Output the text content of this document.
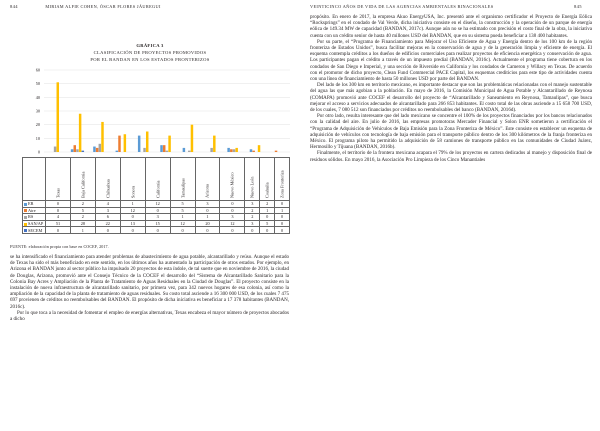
844	MIRIAM ALFIE COHEN, ÓSCAR FLORES JÁUREGUI
GRÁFICA 3
CLASIFICACIÓN DE PROYECTOS PROMOVIDOS
POR EL BANDAN EN LOS ESTADOS FRONTERIZOS
0
10
20
30
40
50
60

	Texas	Baja California	Chihuahua	Sonora	California	Tamaulipas	Arizona	Nuevo México	Nuevo León	Coahuila	Zona Fronteriza

ER	0	2	4	1	12	5	3	0	3	2	0
Aire	0	5	3	12	0	5	0	0	2	1	1
RS	4	2	6	0	3	1	1	3	2	0	0
SAN/AP	51	28	22	13	15	12	20	12	3	5	0
SECEM	0	1	0	0	0	0	0	0	0	0	0
FUENTE: elaboración propia con base en COCEF, 2017.

se ha intensificado el financiamiento para atender problemas de abastecimiento de agua potable, alcantarillado y reúso. Aunque el estado de Texas ha sido el más beneficiado en este sentido, en los últimos años ha aumentado la participación de otros estados. Por ejemplo, en Arizona el BANDAN junto al sector público ha impulsado 20 proyectos de esta índole, de tal suerte que en noviembre de 2016, la ciudad de Douglas, Arizona, promovió ante el Consejo Técnico de la COCEF el desarrollo del “Sistema de Alcantarillado Sanitario para la Colonia Bay Acres y Ampliación de la Planta de Tratamiento de Aguas Residuales en la Ciudad de Douglas”. El proyecto consiste en la instalación de nueva infraestructura de alcantarillado sanitario, por primera vez, para 342 nuevos hogares de esa colonia, así como la ampliación de la capacidad de la planta de tratamiento de aguas residuales. Su costo total asciende a 16 300 000 USD, de los cuales 7 475 697 provienen de créditos no reembolsables del BANDAN. El propósito de dicha iniciativa es beneficiar a 17 378 habitantes (BANDAN, 2016c).

Por lo que toca a la necesidad de fomentar el empleo de energías alternativas, Texas encabeza el mayor número de proyectos abocados a dicho

VEINTICINCO AÑOS DE VIDA DE LAS AGENCIAS AMBIENTALES BINACIONALES	845

propósito. En enero de 2017, la empresa Akuo EnergyUSA, Inc. presentó ante el organismo certificador el Proyecto de Energía Eólica “Rocksprings” en el condado de Val Verde, dicha iniciativa consiste en el diseño, la construcción y la operación de un parque de energía eólica de 149.34 MW de capacidad (BANDAN, 2017c). Aunque aún no se ha estimado con precisión el costo final de la obra, la iniciativa cuenta con un crédito senior de hasta 40 millones USD del BANDAN, que en su sistema pueda beneficiar a 138 400 habitantes.

Por su parte, el “Programa de Financiamiento para Mejorar el Uso Eficiente de Agua y Energía dentro de los 100 km de la región fronteriza de Estados Unidos”, busca facilitar mejoras en la conservación de agua y de la generación limpia y eficiente de energía. El esquema contempla créditos a los dueños de edificios comerciales para realizar proyectos de eficiencia energética y conservación de agua. Los participantes pagan el crédito a través de un impuesto predial (BANDAN, 2016c). Actualmente el programa tiene cobertura en los condados de San Diego e Imperial, y una sección de Riverside en California y los condados de Cameron y Willacy en Texas. De acuerdo con el promotor de dicho proyecto, Clean Fund Commercial PACE Capital, los esquemas crediticios para este tipo de actividades cuenta con una línea de financiamiento de hasta 50 millones USD por parte del BANDAN.

Del lado de los 300 km en territorio mexicano, es importante destacar que son las problemáticas relacionadas con el manejo sustentable del agua las que más agobian a la población. En mayo de 2016, la Comisión Municipal de Agua Potable y Alcantarillado de Reynosa (COMAPA) promovió ante COCEF el desarrollo del proyecto de “Alcantarillado y Saneamiento en Reynosa, Tamaulipas”, que busca mejorar el acceso a servicios adecuados de alcantarillado para 266 853 habitantes. El costo total de las obras asciende a 15 658 700 USD, de los cuales, 7 080 512 son financiados por créditos no reembolsables del banco (BANDAN, 2016d).

Por otro lado, resulta interesante que del lado mexicano se concentre el 100% de los proyectos financiados por los bancos relacionados con la calidad del aire. En julio de 2016, las empresas promotoras Mercader Financial y Solon ENR sometieron a certificación el “Programa de Adquisición de Vehículos de Baja Emisión para la Zona Fronteriza de México”. Este consiste en establecer un esquema de adquisición de vehículos con tecnología de baja emisión para el transporte público dentro de los 300 kilómetros de la franja fronteriza en México. El programa piloto ha permitido la adquisición de 58 camiones de transporte público en las comunidades de Ciudad Juárez, Hermosillo y Tijuana (BANDAN, 2016b).

Finalmente, el territorio de la frontera mexicana acapara el 79% de los proyectos en cartera dedicados al manejo y disposición final de residuos sólidos. En mayo 2016, la Asociación Pro Limpieza de los Cinco Manantiales
